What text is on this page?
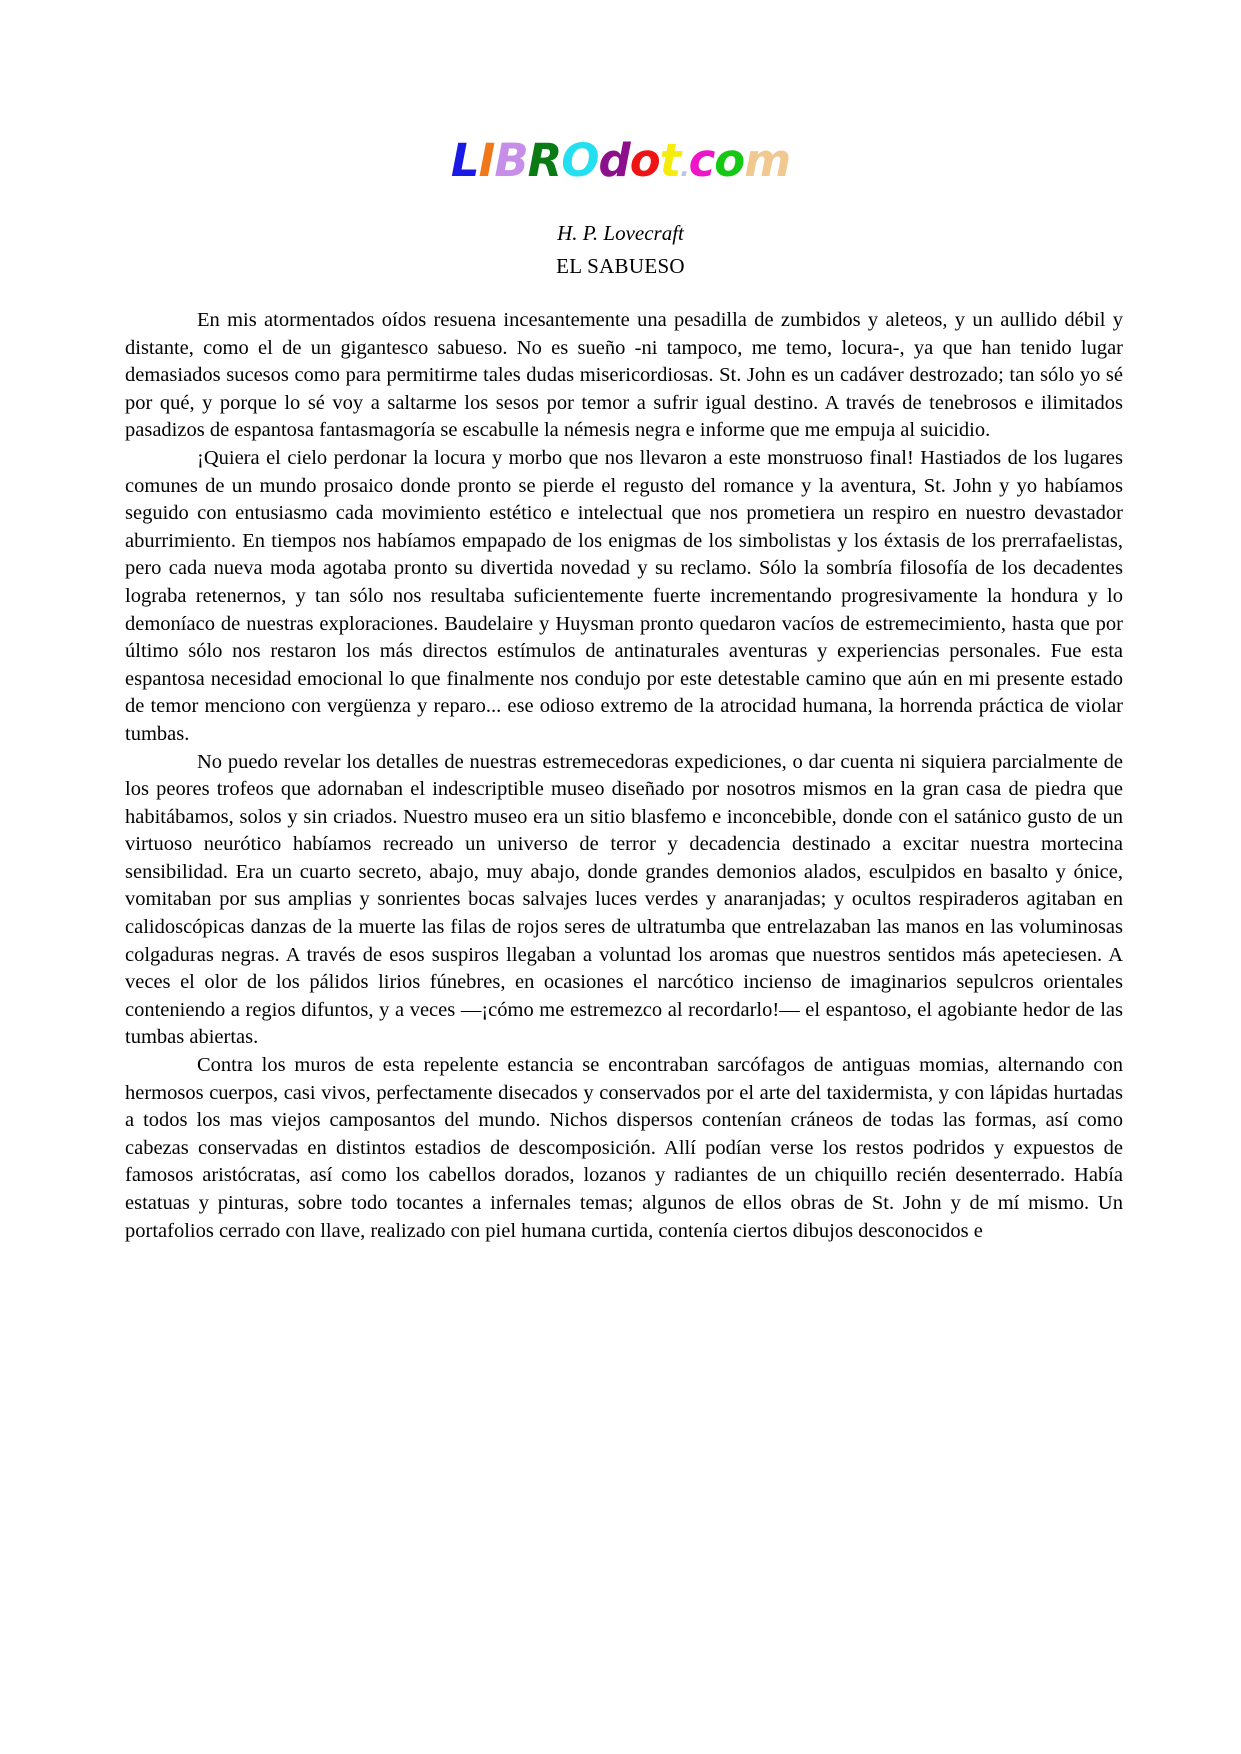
LIBROdot.com
H. P. Lovecraft
EL SABUESO

En mis atormentados oídos resuena incesantemente una pesadilla de zumbidos y aleteos, y un aullido débil y distante, como el de un gigantesco sabueso. No es sueño -ni tampoco, me temo, locura-, ya que han tenido lugar demasiados sucesos como para permitirme tales dudas misericordiosas. St. John es un cadáver destrozado; tan sólo yo sé por qué, y porque lo sé voy a saltarme los sesos por temor a sufrir igual destino. A través de tenebrosos e ilimitados pasadizos de espantosa fantasmagoría se escabulle la némesis negra e informe que me empuja al suicidio.

¡Quiera el cielo perdonar la locura y morbo que nos llevaron a este monstruoso final! Hastiados de los lugares comunes de un mundo prosaico donde pronto se pierde el regusto del romance y la aventura, St. John y yo habíamos seguido con entusiasmo cada movimiento estético e intelectual que nos prometiera un respiro en nuestro devastador aburrimiento. En tiempos nos habíamos empapado de los enigmas de los simbolistas y los éxtasis de los prerrafaelistas, pero cada nueva moda agotaba pronto su divertida novedad y su reclamo. Sólo la sombría filosofía de los decadentes lograba retenernos, y tan sólo nos resultaba suficientemente fuerte incrementando progresivamente la hondura y lo demoníaco de nuestras exploraciones. Baudelaire y Huysman pronto quedaron vacíos de estremecimiento, hasta que por último sólo nos restaron los más directos estímulos de antinaturales aventuras y experiencias personales. Fue esta espantosa necesidad emocional lo que finalmente nos condujo por este detestable camino que aún en mi presente estado de temor menciono con vergüenza y reparo... ese odioso extremo de la atrocidad humana, la horrenda práctica de violar tumbas.

No puedo revelar los detalles de nuestras estremecedoras expediciones, o dar cuenta ni siquiera parcialmente de los peores trofeos que adornaban el indescriptible museo diseñado por nosotros mismos en la gran casa de piedra que habitábamos, solos y sin criados. Nuestro museo era un sitio blasfemo e inconcebible, donde con el satánico gusto de un virtuoso neurótico habíamos recreado un universo de terror y decadencia destinado a excitar nuestra mortecina sensibilidad. Era un cuarto secreto, abajo, muy abajo, donde grandes demonios alados, esculpidos en basalto y ónice, vomitaban por sus amplias y sonrientes bocas salvajes luces verdes y anaranjadas; y ocultos respiraderos agitaban en calidoscópicas danzas de la muerte las filas de rojos seres de ultratumba que entrelazaban las manos en las voluminosas colgaduras negras. A través de esos suspiros llegaban a voluntad los aromas que nuestros sentidos más apeteciesen. A veces el olor de los pálidos lirios fúnebres, en ocasiones el narcótico incienso de imaginarios sepulcros orientales conteniendo a regios difuntos, y a veces —¡cómo me estremezco al recordarlo!— el espantoso, el agobiante hedor de las tumbas abiertas.

Contra los muros de esta repelente estancia se encontraban sarcófagos de antiguas momias, alternando con hermosos cuerpos, casi vivos, perfectamente disecados y conservados por el arte del taxidermista, y con lápidas hurtadas a todos los mas viejos camposantos del mundo. Nichos dispersos contenían cráneos de todas las formas, así como cabezas conservadas en distintos estadios de descomposición. Allí podían verse los restos podridos y expuestos de famosos aristócratas, así como los cabellos dorados, lozanos y radiantes de un chiquillo recién desenterrado. Había estatuas y pinturas, sobre todo tocantes a infernales temas; algunos de ellos obras de St. John y de mí mismo. Un portafolios cerrado con llave, realizado con piel humana curtida, contenía ciertos dibujos desconocidos e
